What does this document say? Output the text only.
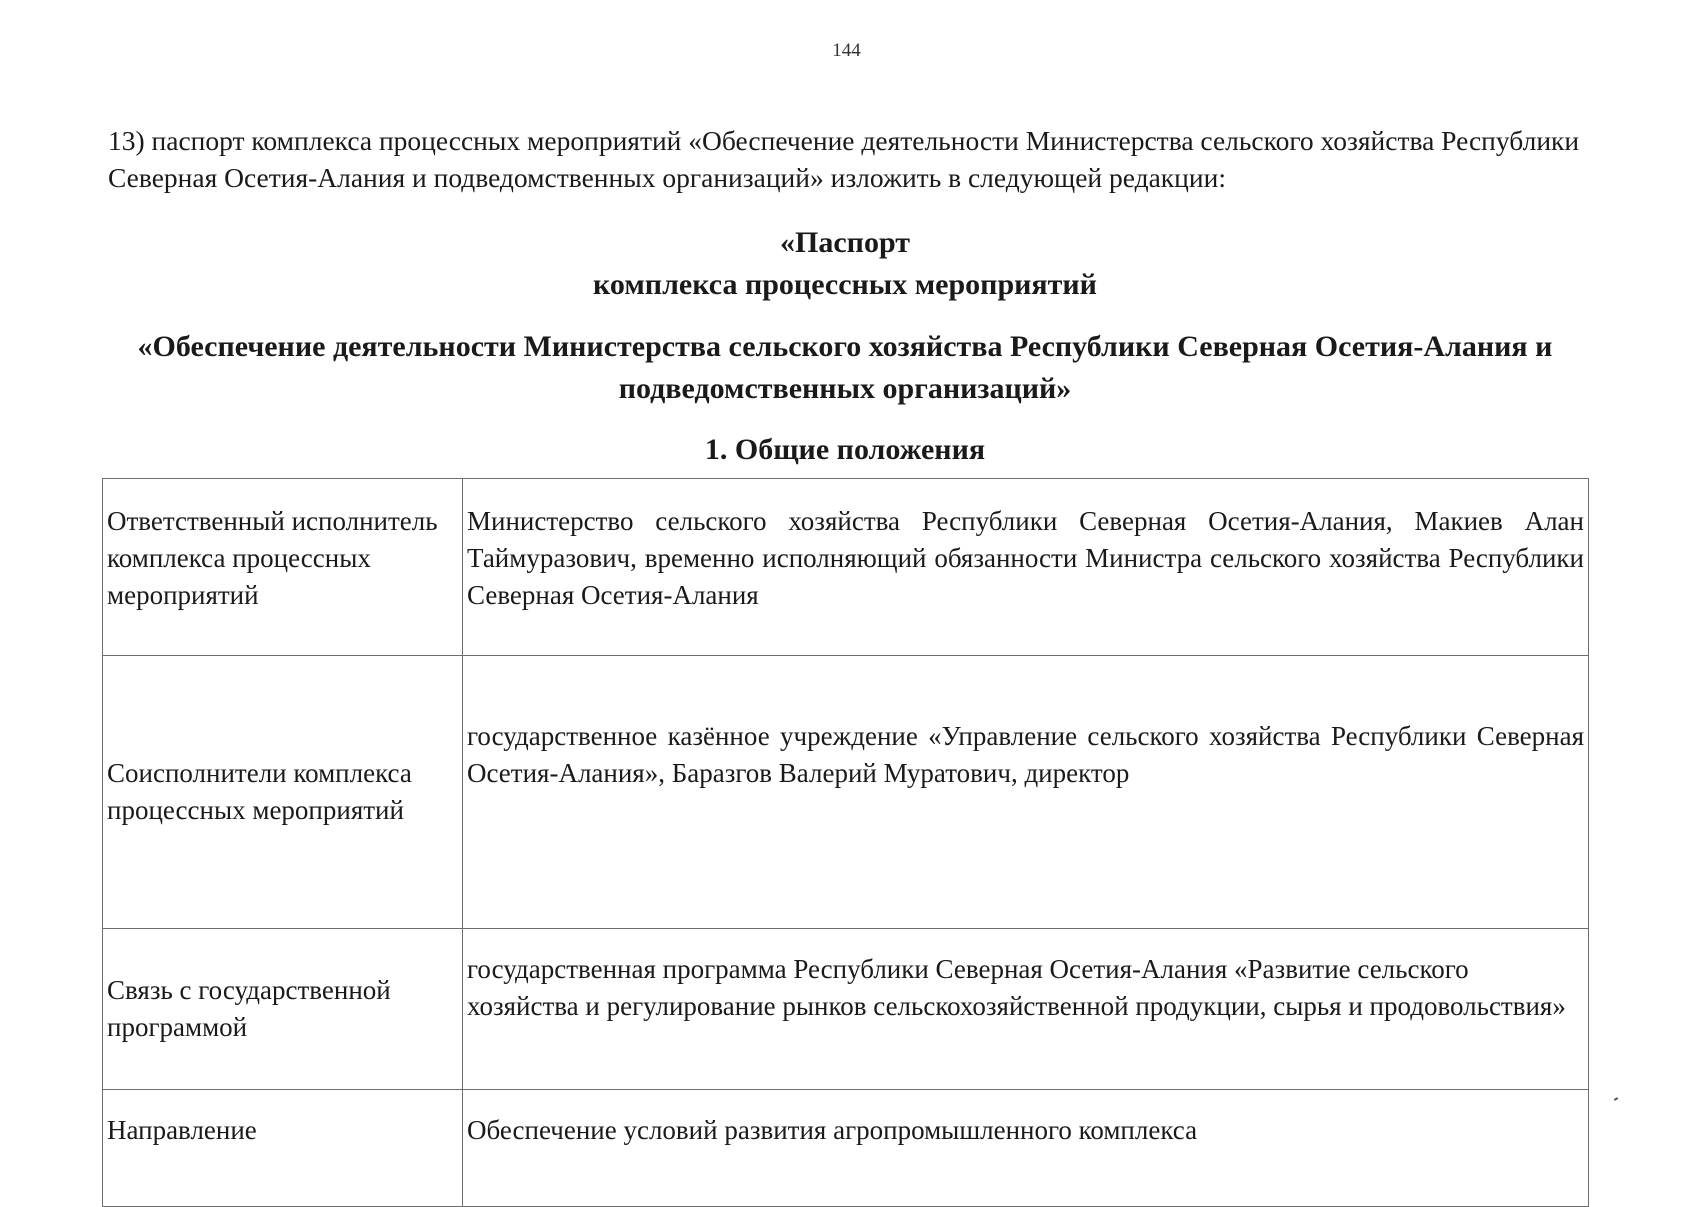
144

13) паспорт комплекса процессных мероприятий «Обеспечение деятельности Министерства сельского хозяйства Республики Северная Осетия-Алания и подведомственных организаций» изложить в следующей редакции:

«Паспорт
комплекса процессных мероприятий

«Обеспечение деятельности Министерства сельского хозяйства Республики Северная Осетия-Алания и подведомственных организаций»

1. Общие положения

Ответственный исполнитель комплекса процессных мероприятий	Министерство сельского хозяйства Республики Северная Осетия-Алания, Макиев Алан Таймуразович, временно исполняющий обязанности Министра сельского хозяйства Республики Северная Осетия-Алания
Соисполнители комплекса процессных мероприятий	государственное казённое учреждение «Управление сельского хозяйства Республики Северная Осетия-Алания», Баразгов Валерий Муратович, директор
Связь с государственной программой	государственная программа Республики Северная Осетия-Алания «Развитие сельского хозяйства и регулирование рынков сельскохозяйственной продукции, сырья и продовольствия»
Направление	Обеспечение условий развития агропромышленного комплекса
